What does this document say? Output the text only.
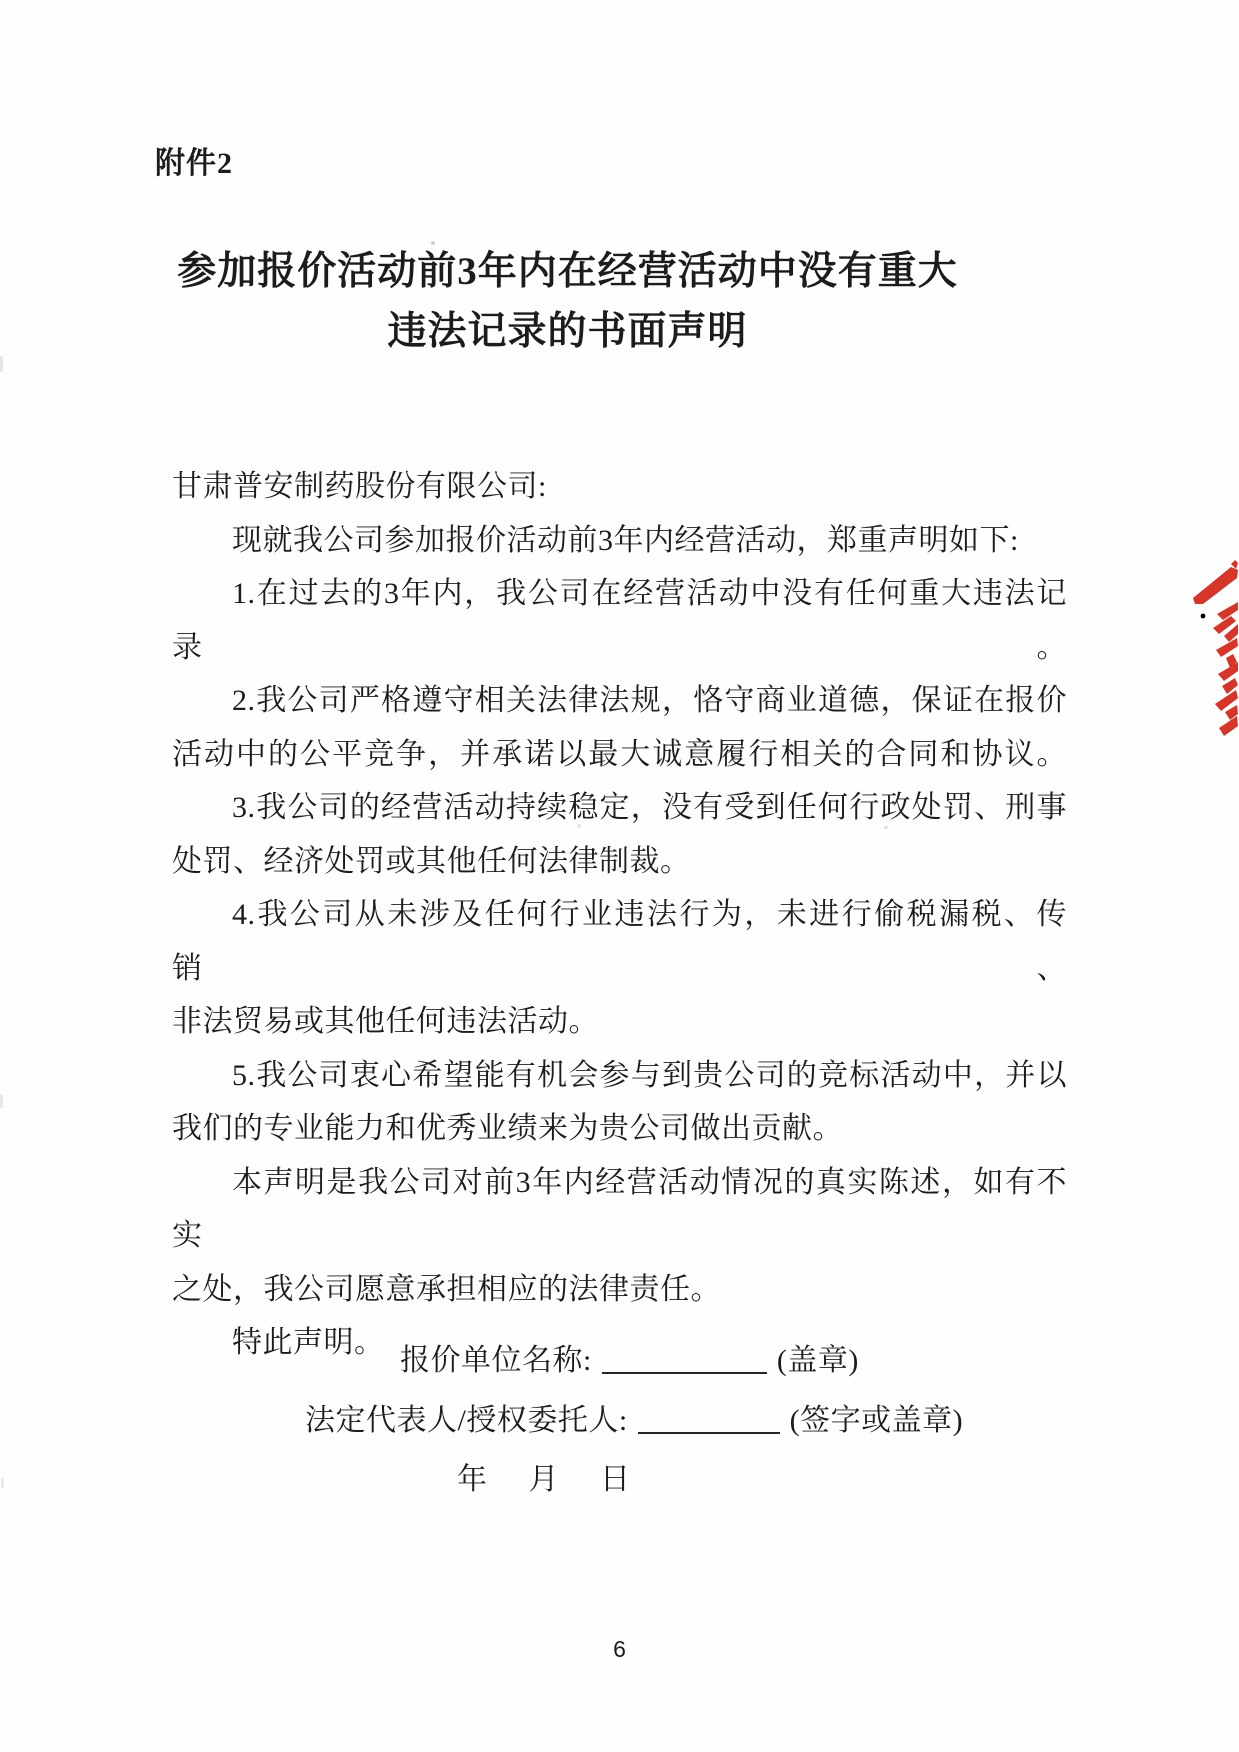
附件2
参加报价活动前3年内在经营活动中没有重大
违法记录的书面声明
甘肃普安制药股份有限公司:
现就我公司参加报价活动前3年内经营活动，郑重声明如下:
1.在过去的3年内，我公司在经营活动中没有任何重大违法记录。
2.我公司严格遵守相关法律法规，恪守商业道德，保证在报价
活动中的公平竞争，并承诺以最大诚意履行相关的合同和协议。
3.我公司的经营活动持续稳定，没有受到任何行政处罚、刑事
处罚、经济处罚或其他任何法律制裁。
4.我公司从未涉及任何行业违法行为，未进行偷税漏税、传销、
非法贸易或其他任何违法活动。
5.我公司衷心希望能有机会参与到贵公司的竞标活动中，并以
我们的专业能力和优秀业绩来为贵公司做出贡献。
本声明是我公司对前3年内经营活动情况的真实陈述，如有不实
之处，我公司愿意承担相应的法律责任。
特此声明。
报价单位名称:	(盖章)
法定代表人/授权委托人:	(签字或盖章)
年 月 日
6
